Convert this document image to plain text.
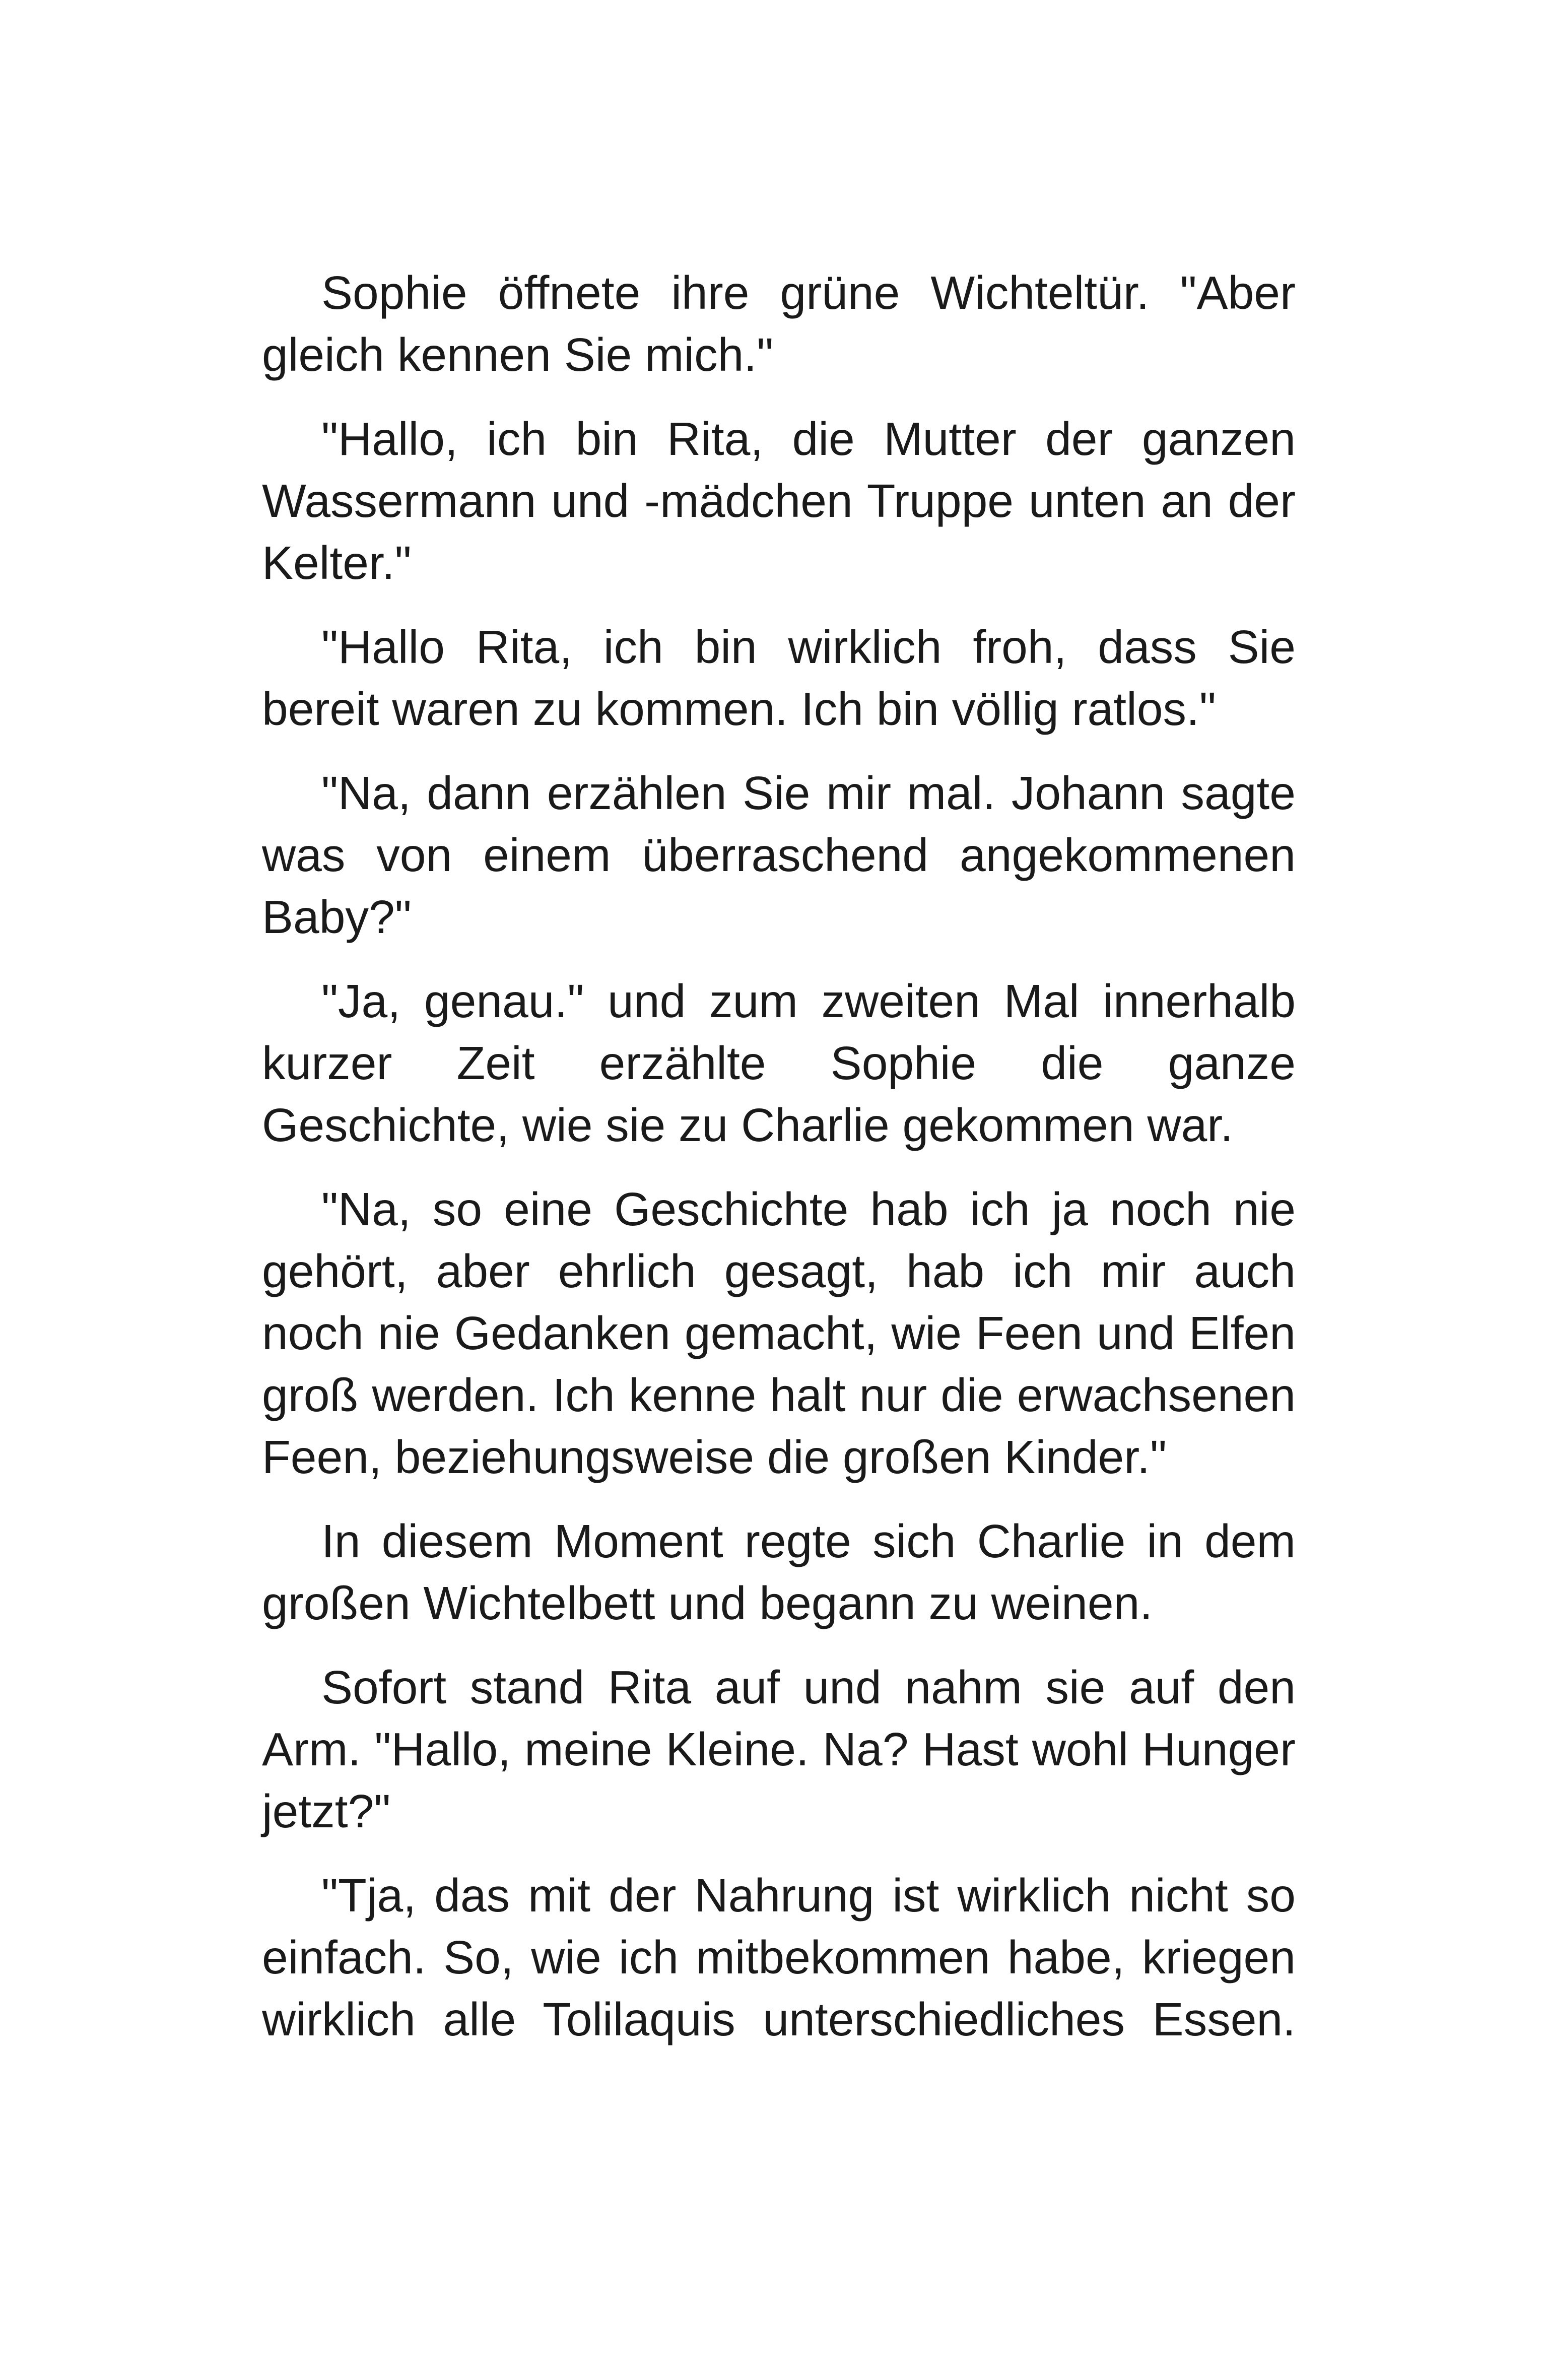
Sophie öffnete ihre grüne Wichteltür. "Aber gleich kennen Sie mich."

"Hallo, ich bin Rita, die Mutter der ganzen Wassermann und -mädchen Truppe unten an der Kelter."

"Hallo Rita, ich bin wirklich froh, dass Sie bereit waren zu kommen. Ich bin völlig ratlos."

"Na, dann erzählen Sie mir mal. Johann sagte was von einem überraschend angekommenen Baby?"

"Ja, genau." und zum zweiten Mal innerhalb kurzer Zeit erzählte Sophie die ganze Geschichte, wie sie zu Charlie gekommen war.

"Na, so eine Geschichte hab ich ja noch nie gehört, aber ehrlich gesagt, hab ich mir auch noch nie Gedanken gemacht, wie Feen und Elfen groß werden. Ich kenne halt nur die erwachsenen Feen, beziehungsweise die großen Kinder."

In diesem Moment regte sich Charlie in dem großen Wichtelbett und begann zu weinen.

Sofort stand Rita auf und nahm sie auf den Arm. "Hallo, meine Kleine. Na? Hast wohl Hunger jetzt?"

"Tja, das mit der Nahrung ist wirklich nicht so einfach. So, wie ich mitbekommen habe, kriegen wirklich alle Tolilaquis unterschiedliches Essen.
